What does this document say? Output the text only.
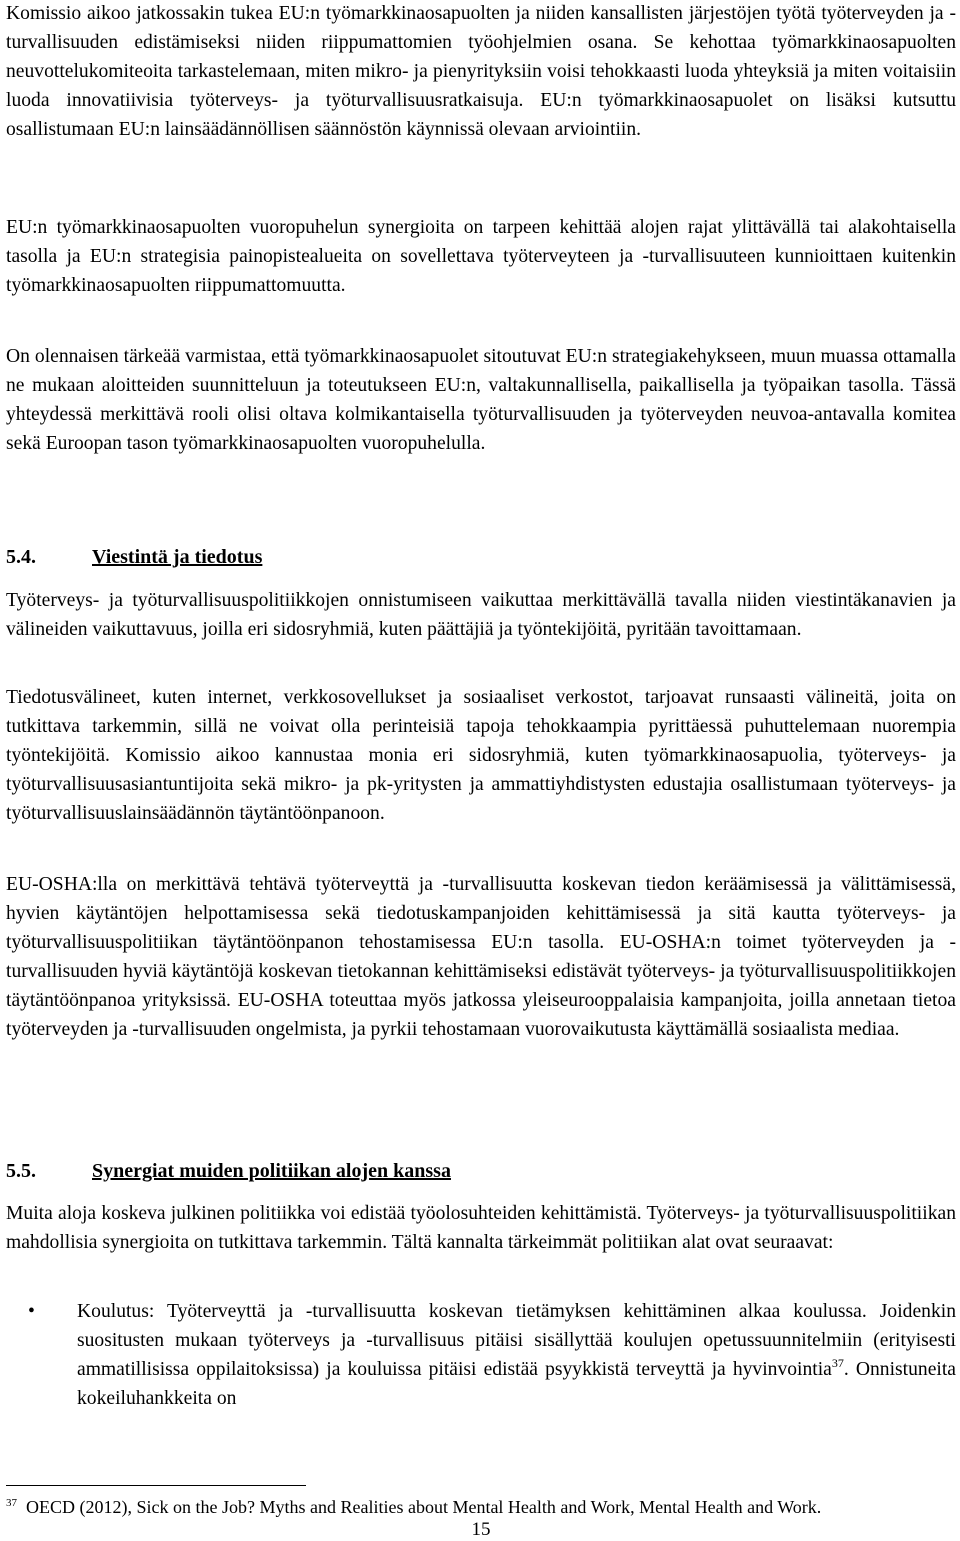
Komissio aikoo jatkossakin tukea EU:n työmarkkinaosapuolten ja niiden kansallisten järjestöjen työtä työterveyden ja -turvallisuuden edistämiseksi niiden riippumattomien työohjelmien osana. Se kehottaa työmarkkinaosapuolten neuvottelukomiteoita tarkastelemaan, miten mikro- ja pienyrityksiin voisi tehokkaasti luoda yhteyksiä ja miten voitaisiin luoda innovatiivisia työterveys- ja työturvallisuusratkaisuja. EU:n työmarkkinaosapuolet on lisäksi kutsuttu osallistumaan EU:n lainsäädännöllisen säännöstön käynnissä olevaan arviointiin.

EU:n työmarkkinaosapuolten vuoropuhelun synergioita on tarpeen kehittää alojen rajat ylittävällä tai alakohtaisella tasolla ja EU:n strategisia painopistealueita on sovellettava työterveyteen ja -turvallisuuteen kunnioittaen kuitenkin työmarkkinaosapuolten riippumattomuutta.

On olennaisen tärkeää varmistaa, että työmarkkinaosapuolet sitoutuvat EU:n strategiakehykseen, muun muassa ottamalla ne mukaan aloitteiden suunnitteluun ja toteutukseen EU:n, valtakunnallisella, paikallisella ja työpaikan tasolla. Tässä yhteydessä merkittävä rooli olisi oltava kolmikantaisella työturvallisuuden ja työterveyden neuvoa-antavalla komitea sekä Euroopan tason työmarkkinaosapuolten vuoropuhelulla.

5.4.	Viestintä ja tiedotus

Työterveys- ja työturvallisuuspolitiikkojen onnistumiseen vaikuttaa merkittävällä tavalla niiden viestintäkanavien ja välineiden vaikuttavuus, joilla eri sidosryhmiä, kuten päättäjiä ja työntekijöitä, pyritään tavoittamaan.

Tiedotusvälineet, kuten internet, verkkosovellukset ja sosiaaliset verkostot, tarjoavat runsaasti välineitä, joita on tutkittava tarkemmin, sillä ne voivat olla perinteisiä tapoja tehokkaampia pyrittäessä puhuttelemaan nuorempia työntekijöitä. Komissio aikoo kannustaa monia eri sidosryhmiä, kuten työmarkkinaosapuolia, työterveys- ja työturvallisuusasiantuntijoita sekä mikro- ja pk-yritysten ja ammattiyhdistysten edustajia osallistumaan työterveys- ja työturvallisuuslainsäädännön täytäntöönpanoon.

EU-OSHA:lla on merkittävä tehtävä työterveyttä ja -turvallisuutta koskevan tiedon keräämisessä ja välittämisessä, hyvien käytäntöjen helpottamisessa sekä tiedotuskampanjoiden kehittämisessä ja sitä kautta työterveys- ja työturvallisuuspolitiikan täytäntöönpanon tehostamisessa EU:n tasolla. EU-OSHA:n toimet työterveyden ja -turvallisuuden hyviä käytäntöjä koskevan tietokannan kehittämiseksi edistävät työterveys- ja työturvallisuuspolitiikkojen täytäntöönpanoa yrityksissä. EU-OSHA toteuttaa myös jatkossa yleiseurooppalaisia kampanjoita, joilla annetaan tietoa työterveyden ja -turvallisuuden ongelmista, ja pyrkii tehostamaan vuorovaikutusta käyttämällä sosiaalista mediaa.

5.5.	Synergiat muiden politiikan alojen kanssa

Muita aloja koskeva julkinen politiikka voi edistää työolosuhteiden kehittämistä. Työterveys- ja työturvallisuuspolitiikan mahdollisia synergioita on tutkittava tarkemmin. Tältä kannalta tärkeimmät politiikan alat ovat seuraavat:

• Koulutus: Työterveyttä ja -turvallisuutta koskevan tietämyksen kehittäminen alkaa koulussa. Joidenkin suositusten mukaan työterveys ja -turvallisuus pitäisi sisällyttää koulujen opetussuunnitelmiin (erityisesti ammatillisissa oppilaitoksissa) ja kouluissa pitäisi edistää psyykkistä terveyttä ja hyvinvointia$^{37}$. Onnistuneita kokeiluhankkeita on
$^{37}$ OECD (2012), Sick on the Job? Myths and Realities about Mental Health and Work, Mental Health and Work.
15
